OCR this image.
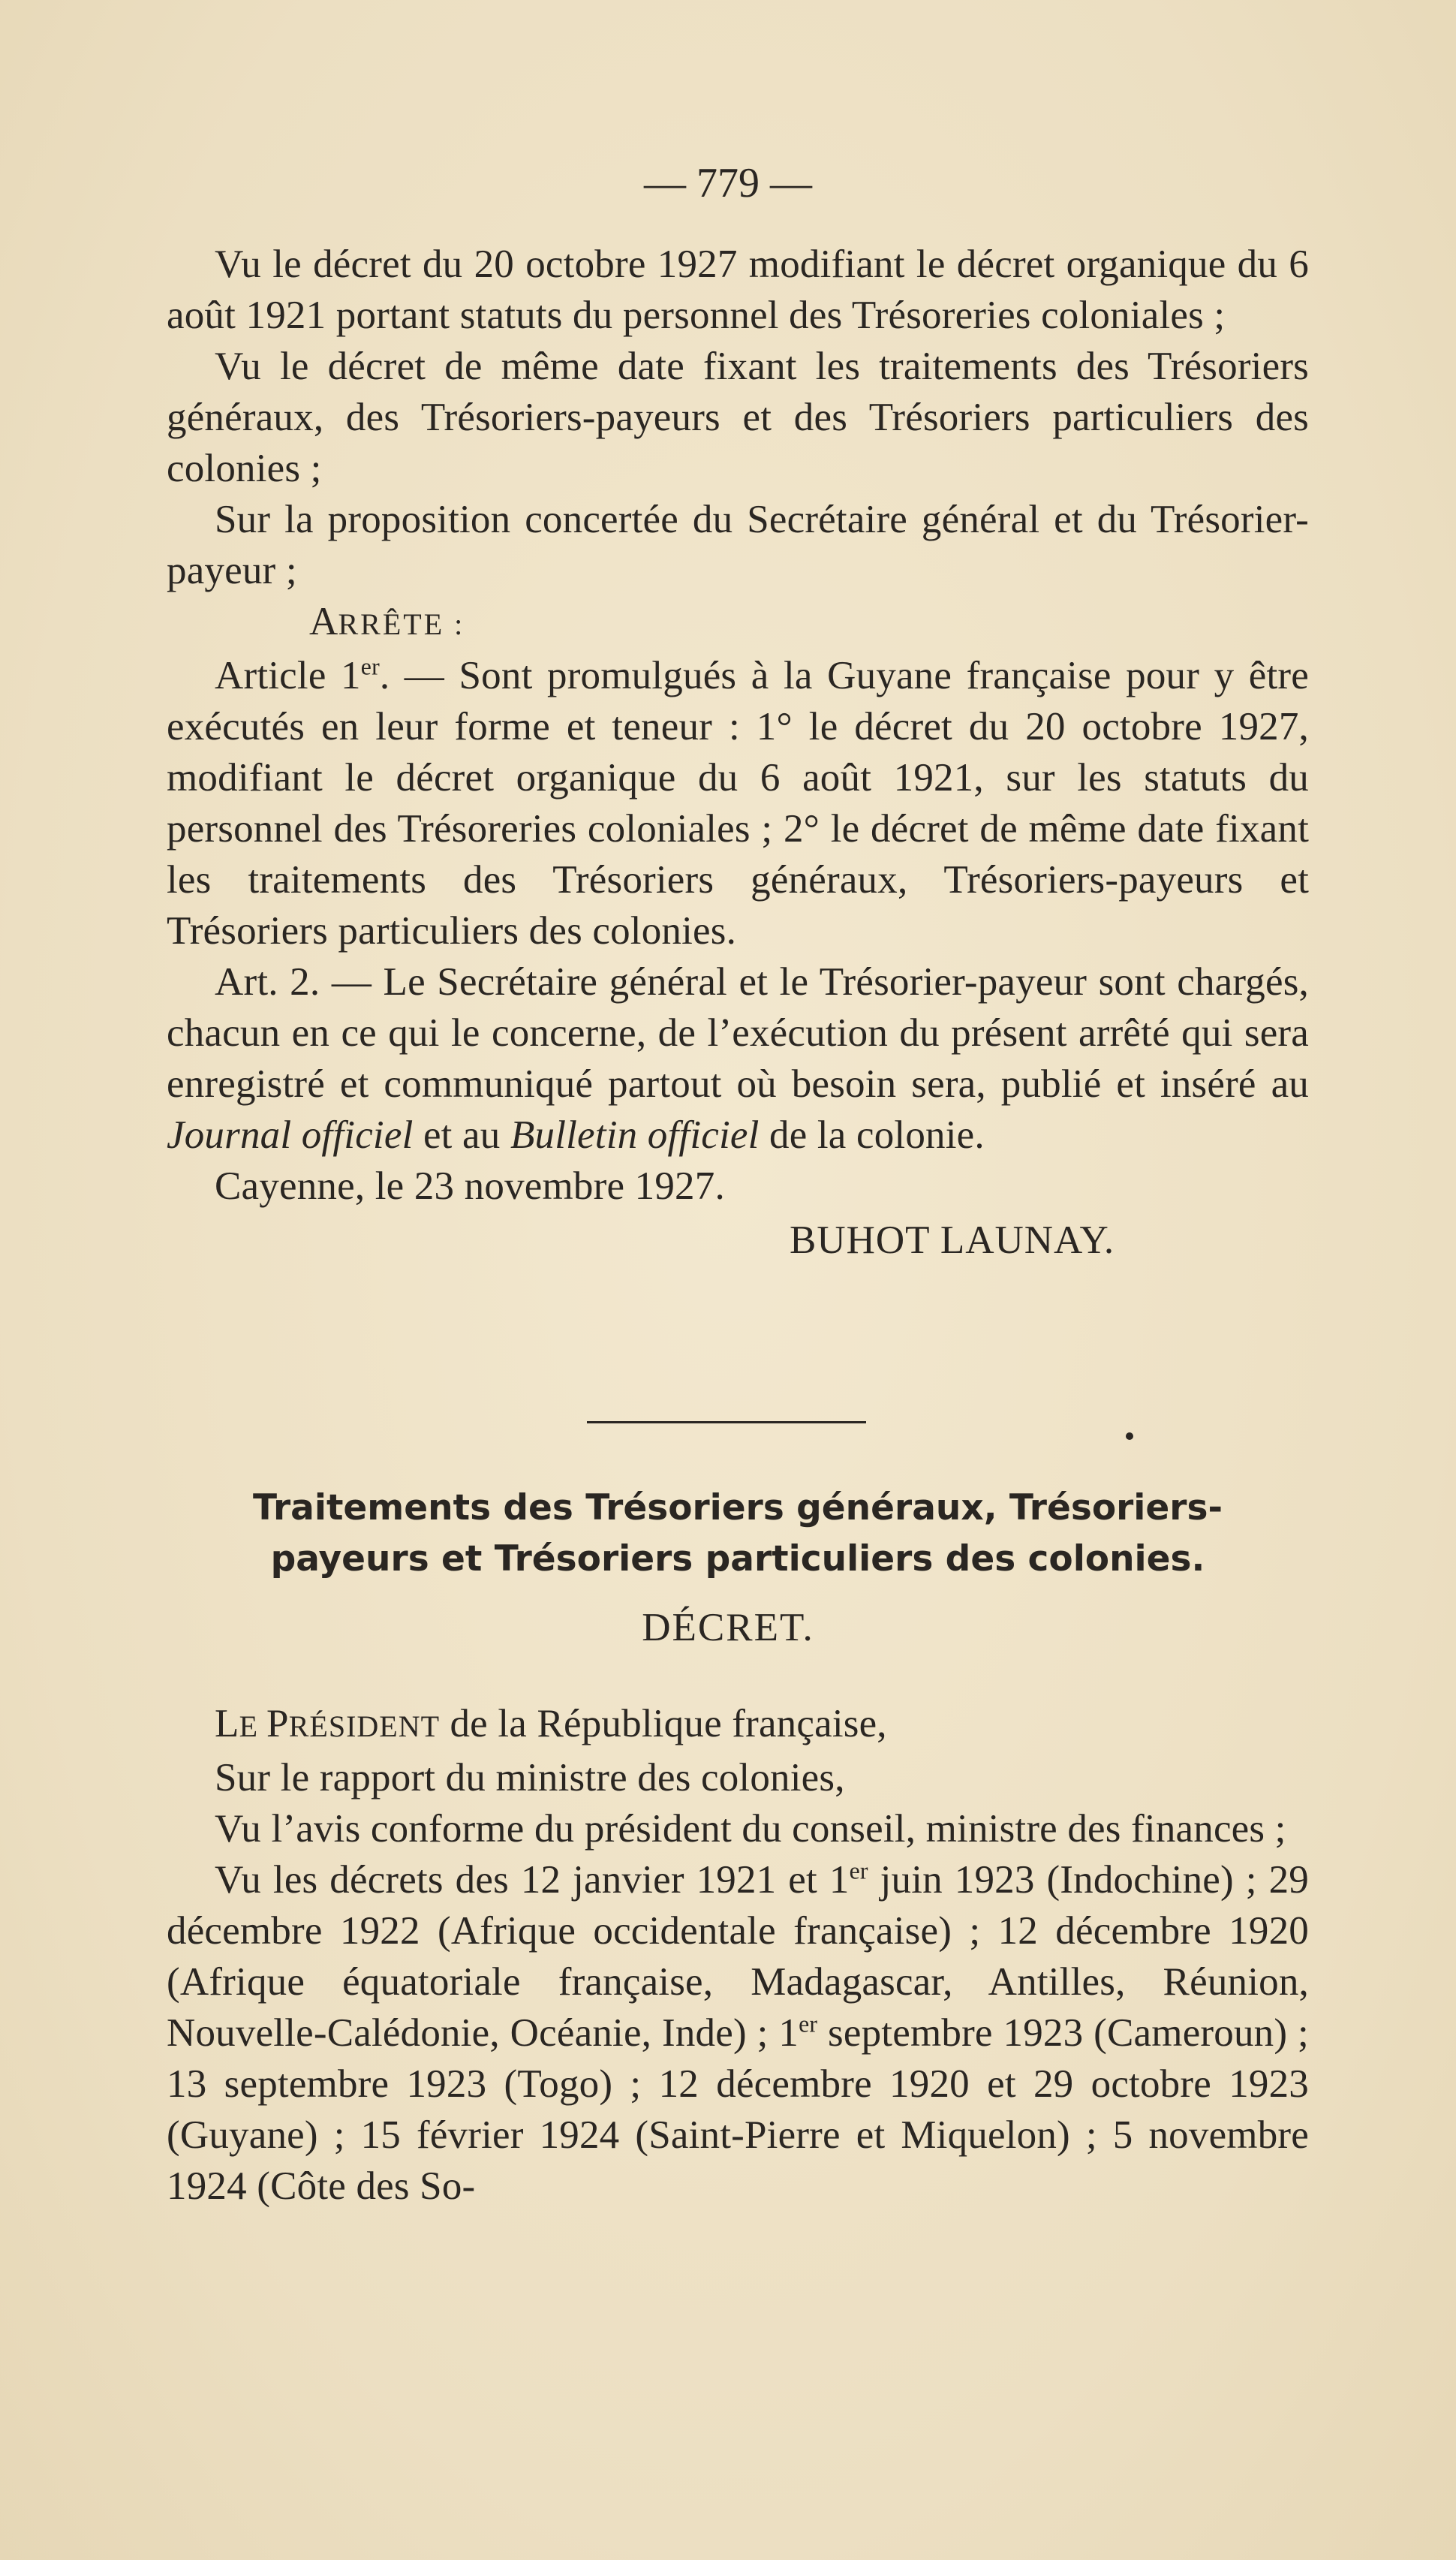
— 779 —

Vu le décret du 20 octobre 1927 modifiant le décret organique du 6 août 1921 portant statuts du personnel des Trésoreries coloniales ;

Vu le décret de même date fixant les traitements des Trésoriers généraux, des Trésoriers-payeurs et des Trésoriers particuliers des colonies ;

Sur la proposition concertée du Secrétaire général et du Trésorier-payeur ;

ARRÊTE :

Article 1er. — Sont promulgués à la Guyane française pour y être exécutés en leur forme et teneur : 1° le décret du 20 octobre 1927, modifiant le décret organique du 6 août 1921, sur les statuts du personnel des Trésoreries coloniales ; 2° le décret de même date fixant les traitements des Trésoriers généraux, Trésoriers-payeurs et Trésoriers particuliers des colonies.

Art. 2. — Le Secrétaire général et le Trésorier-payeur sont chargés, chacun en ce qui le concerne, de l’exécution du présent arrêté qui sera enregistré et communiqué partout où besoin sera, publié et inséré au Journal officiel et au Bulletin officiel de la colonie.

Cayenne, le 23 novembre 1927.

BUHOT LAUNAY.

Traitements des Trésoriers généraux, Trésoriers-
payeurs et Trésoriers particuliers des colonies.
DÉCRET.

LE PRÉSIDENT de la République française,

Sur le rapport du ministre des colonies,

Vu l’avis conforme du président du conseil, ministre des finances ;

Vu les décrets des 12 janvier 1921 et 1er juin 1923 (Indochine) ; 29 décembre 1922 (Afrique occidentale française) ; 12 décembre 1920 (Afrique équatoriale française, Madagascar, Antilles, Réunion, Nouvelle-Calédonie, Océanie, Inde) ; 1er septembre 1923 (Cameroun) ; 13 septembre 1923 (Togo) ; 12 décembre 1920 et 29 octobre 1923 (Guyane) ; 15 février 1924 (Saint-Pierre et Miquelon) ; 5 novembre 1924 (Côte des So-
